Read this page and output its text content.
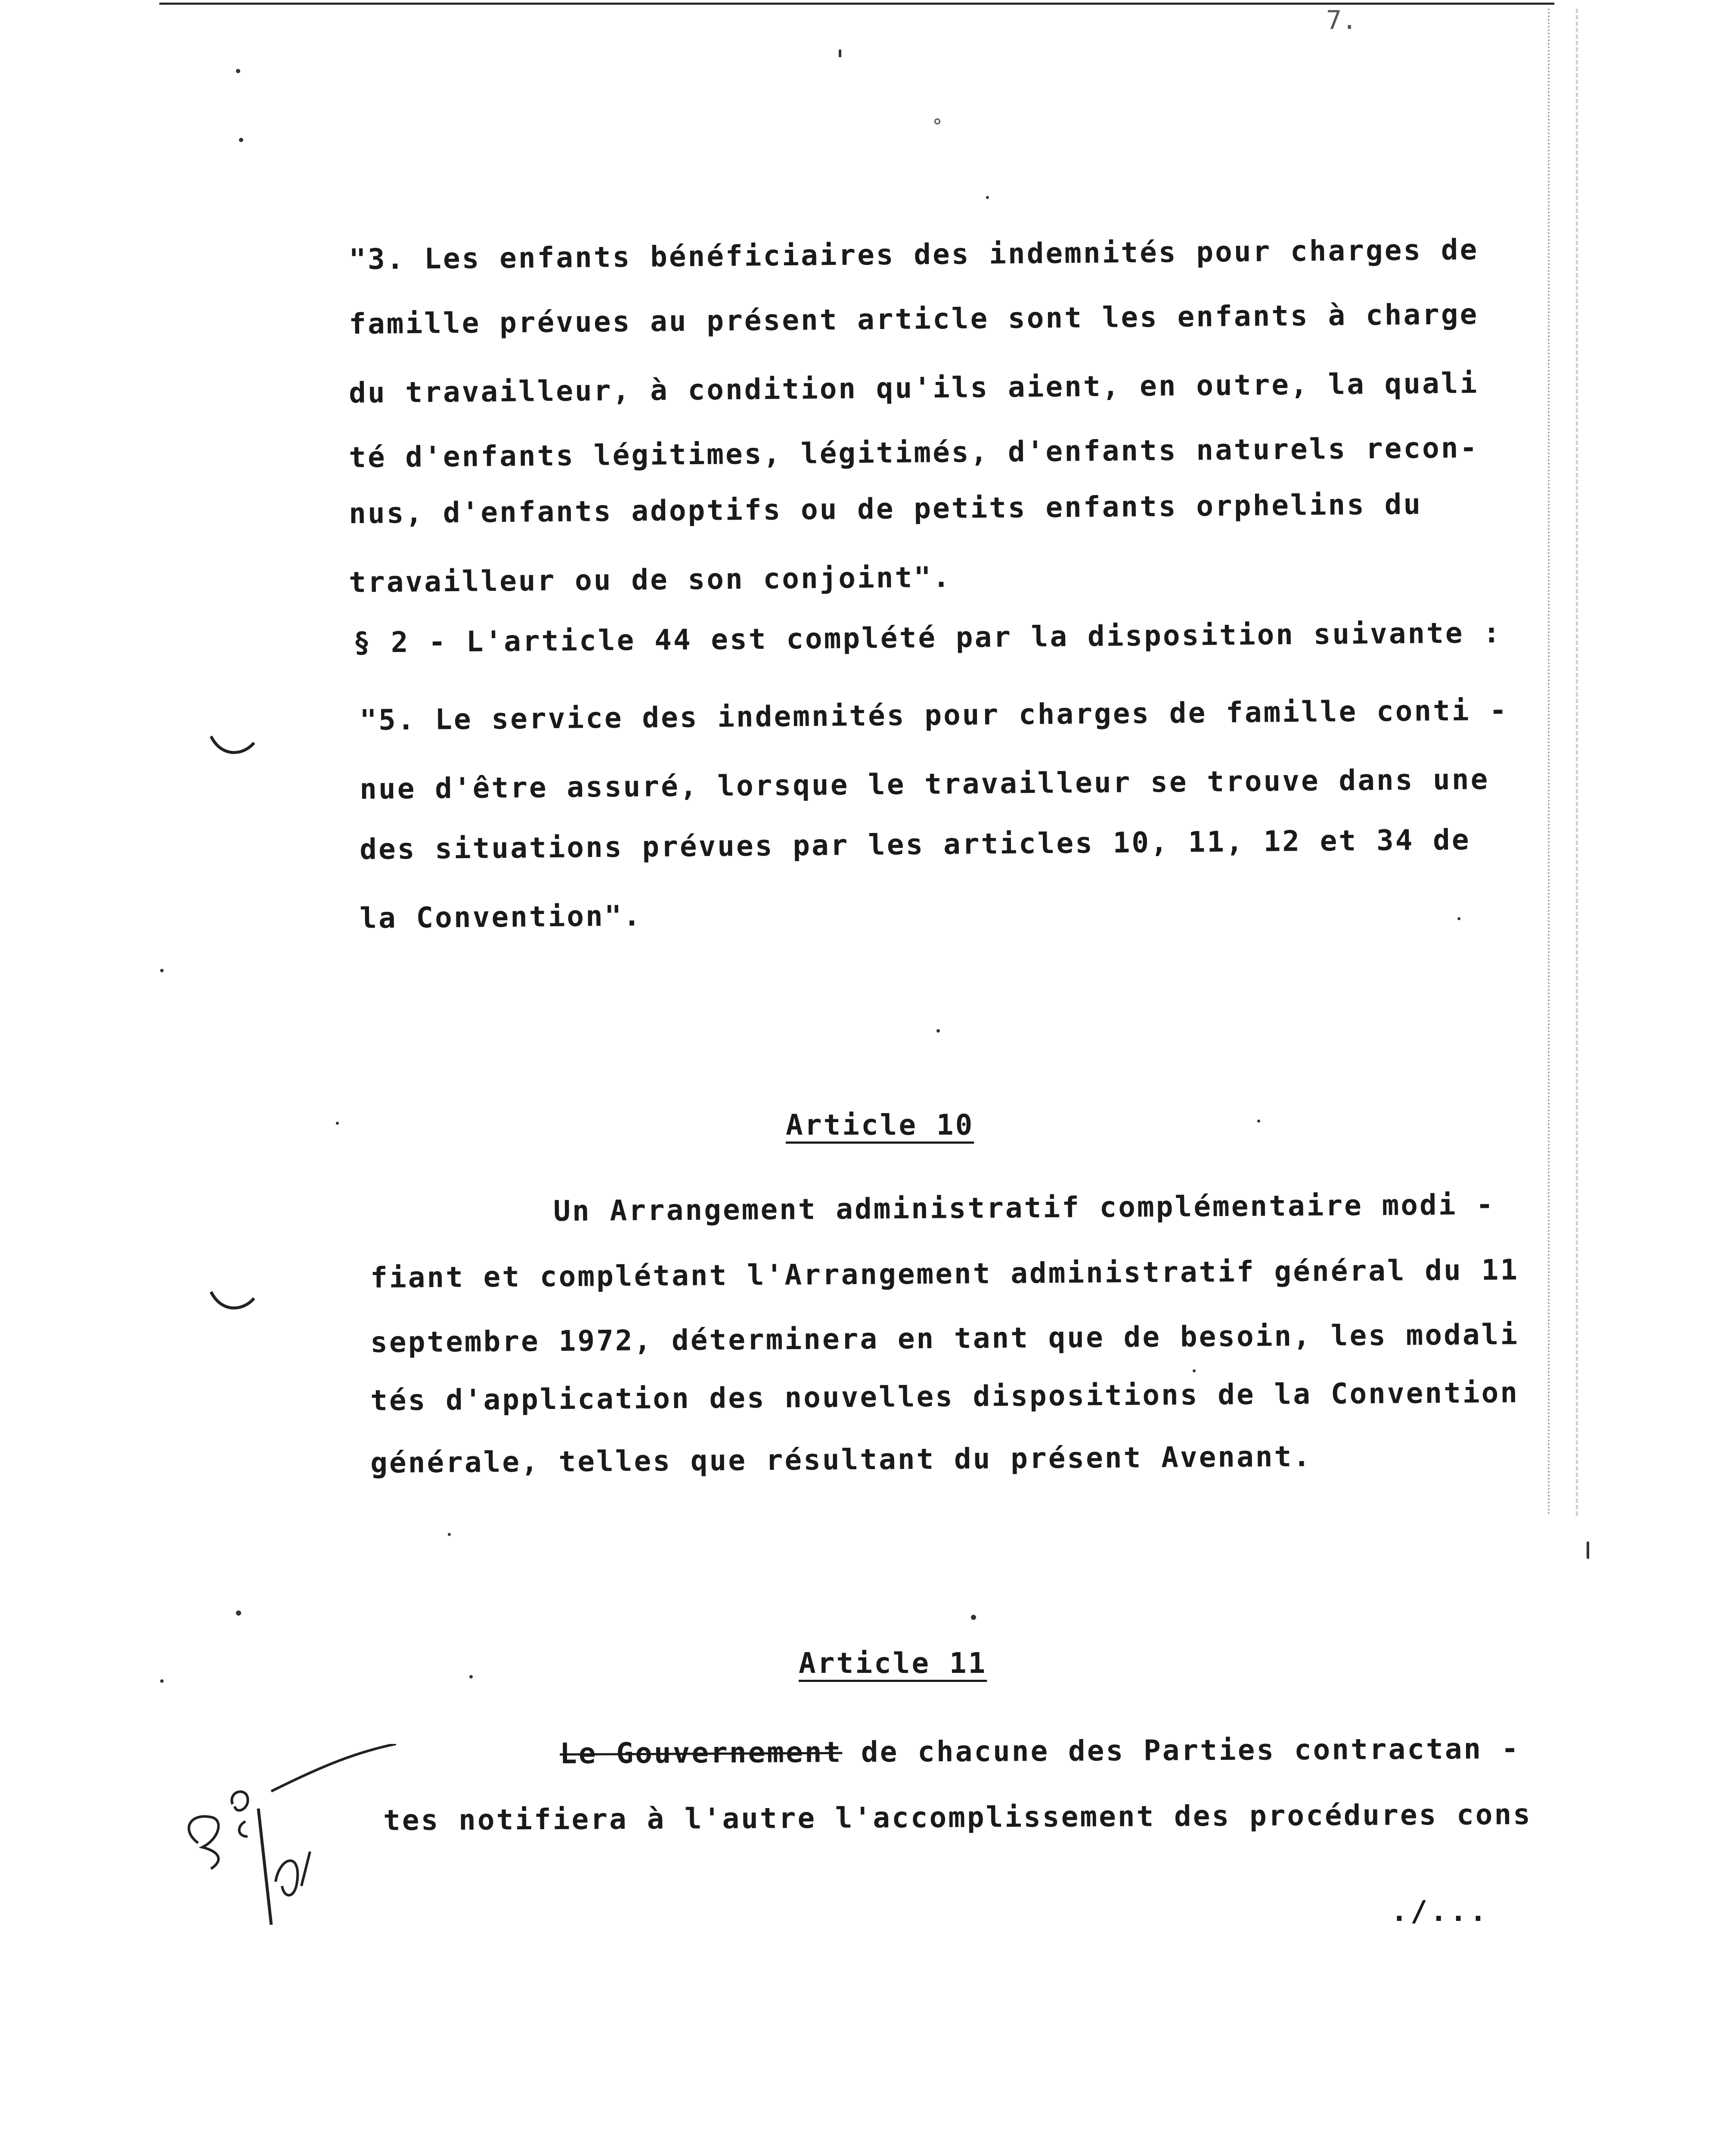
7.

"3. Les enfants bénéficiaires des indemnités pour charges de

famille prévues au présent article sont les enfants à charge

du travailleur, à condition qu'ils aient, en outre, la quali

té d'enfants légitimes, légitimés, d'enfants naturels recon-

nus, d'enfants adoptifs ou de petits enfants orphelins du

travailleur ou de son conjoint".

§ 2 - L'article 44 est complété par la disposition suivante :

"5. Le service des indemnités pour charges de famille conti -

nue d'être assuré, lorsque le travailleur se trouve dans une

des situations prévues par les articles 10, 11, 12 et 34 de

la Convention".

Article 10

Un Arrangement administratif complémentaire modi -

fiant et complétant l'Arrangement administratif général du 11

septembre 1972, déterminera en tant que de besoin, les modali

tés d'application des nouvelles dispositions de la Convention

générale, telles que résultant du présent Avenant.

Article 11

Le Gouvernement de chacune des Parties contractan -

tes notifiera à l'autre l'accomplissement des procédures cons

./...
